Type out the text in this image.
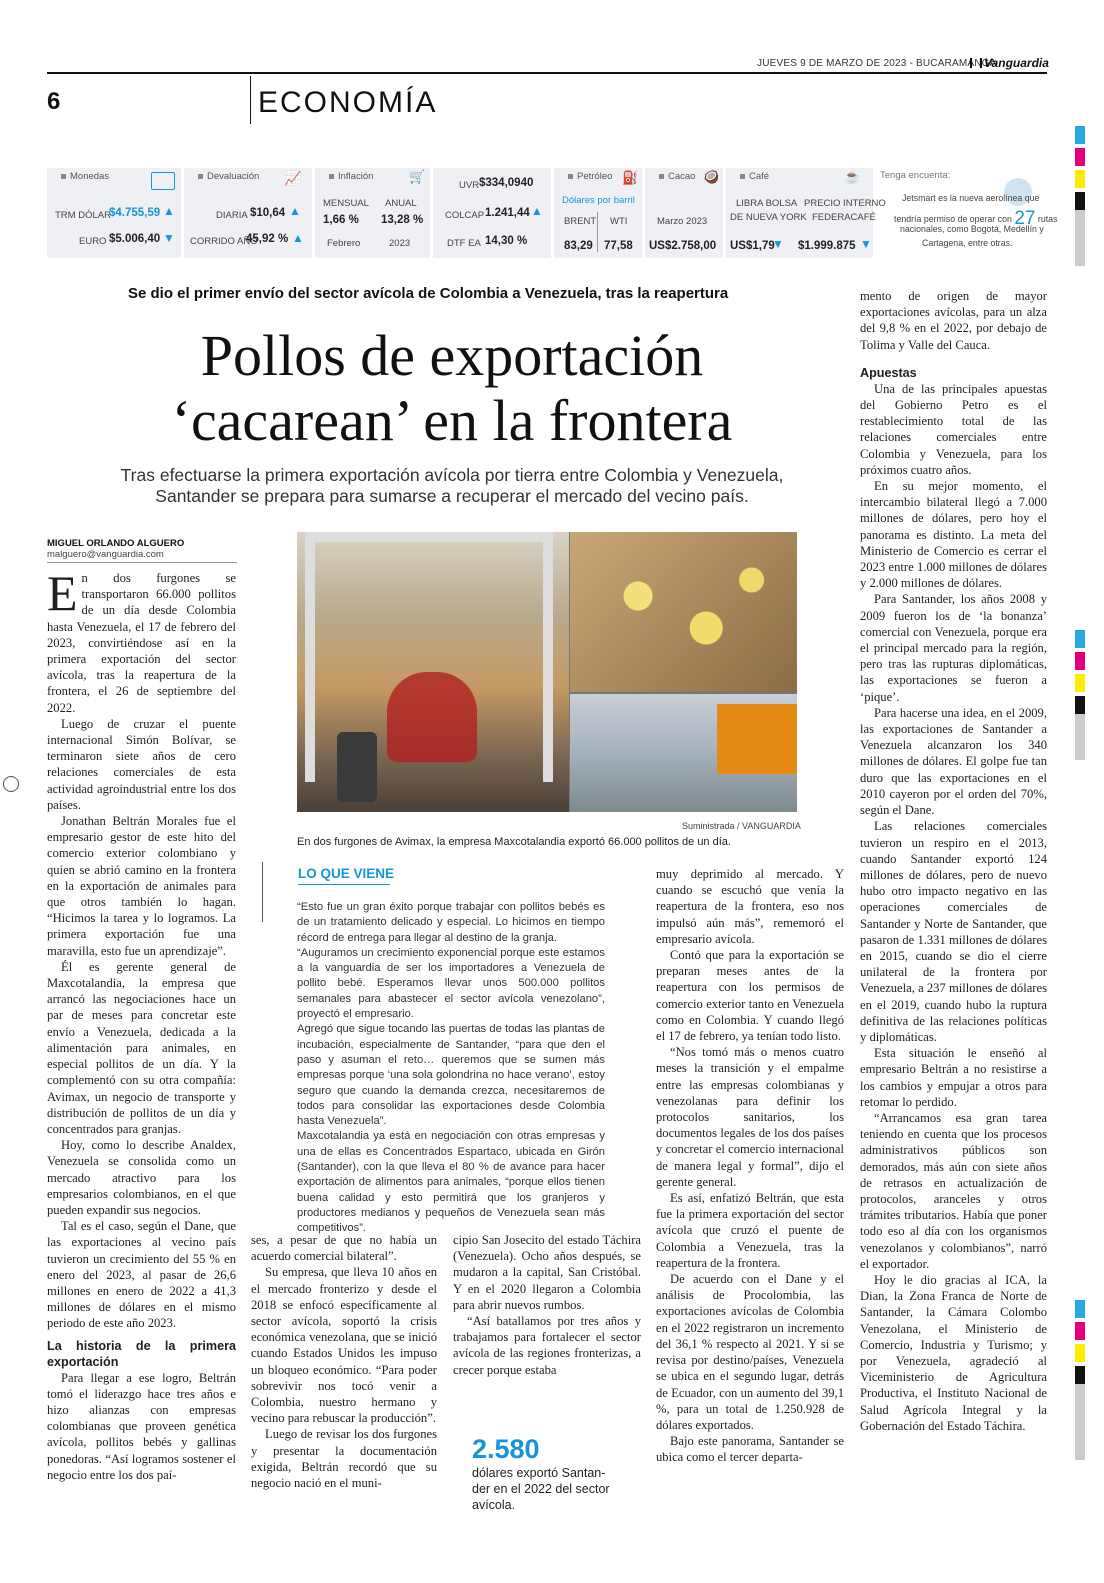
JUEVES 9 DE MARZO DE 2023 - BUCARAMANGA
Vanguardia
6	ECONOMÍA
Monedas
TRM DÓLAR
$4.755,59 ▲
EURO $5.006,40 ▼
Devaluación 📈
DIARIA $10,64 ▲
CORRIDO AÑO
45,92 % ▲
Inflación	🛒
MENSUAL ANUAL
1,66 % 13,28 %
Febrero	2023
UVR $334,0940
COLCAP 1.241,44 ▲
DTF EA 14,30 %
Petróleo ⛽
Dólares por barril
BRENT WTI
83,29 77,58
Cacao 🥥
Marzo 2023
US$2.758,00
Café	☕
LIBRA BOLSA
DE NUEVA YORK
PRECIO INTERNO
FEDERACAFÉ
US$1,79
▼ $1.999.875 ▼
Tenga encuenta:
Jetsmart es la nueva aerolínea que
tendría permiso de operar con 27 rutas
nacionales, como Bogotá, Medellín y
Cartagena, entre otras.
Se dio el primer envío del sector avícola de Colombia a Venezuela, tras la reapertura
Pollos de exportación
‘cacarean’ en la frontera
Tras efectuarse la primera exportación avícola por tierra entre Colombia y Venezuela,
Santander se prepara para sumarse a recuperar el mercado del vecino país.
MIGUEL ORLANDO ALGUERO
malguero@vanguardia.com
Suministrada / VANGUARDIA
En dos furgones de Avimax, la empresa Maxcotalandia exportó 66.000 pollitos de un día.

En dos furgones se transportaron 66.000 pollitos de un día desde Colombia hasta Venezuela, el 17 de febrero del 2023, convirtiéndose así en la primera exportación del sector avícola, tras la reapertura de la frontera, el 26 de septiembre del 2022.

Luego de cruzar el puente internacional Simón Bolívar, se terminaron siete años de cero relaciones comerciales de esta actividad agroindustrial entre los dos países.

Jonathan Beltrán Morales fue el empresario gestor de este hito del comercio exterior colombiano y quien se abrió camino en la frontera en la exportación de animales para que otros también lo hagan. “Hicimos la tarea y lo logramos. La primera exportación fue una maravilla, esto fue un aprendizaje”.

Él es gerente general de Maxcotalandia, la empresa que arrancó las negociaciones hace un par de meses para concretar este envío a Venezuela, dedicada a la alimentación para animales, en especial pollitos de un día. Y la complementó con su otra compañía: Avimax, un negocio de transporte y distribución de pollitos de un día y concentrados para granjas.

Hoy, como lo describe Analdex, Venezuela se consolida como un mercado atractivo para los empresarios colombianos, en el que pueden expandir sus negocios.

Tal es el caso, según el Dane, que las exportaciones al vecino país tuvieron un crecimiento del 55 % en enero del 2023, al pasar de 26,6 millones en enero de 2022 a 41,3 millones de dólares en el mismo periodo de este año 2023.

La historia de la primera exportación

Para llegar a ese logro, Beltrán tomó el liderazgo hace tres años e hizo alianzas con empresas colombianas que proveen genética avícola, pollitos bebés y gallinas ponedoras. “Así logramos sostener el negocio entre los dos paí-

LO QUE VIENE

“Esto fue un gran éxito porque trabajar con pollitos bebés es de un tratamiento delicado y especial. Lo hicimos en tiempo récord de entrega para llegar al destino de la granja.

“Auguramos un crecimiento exponencial porque este estamos a la vanguardia de ser los importadores a Venezuela de pollito bebé. Esperamos llevar unos 500.000 pollitos semanales para abastecer el sector avícola venezolano”, proyectó el empresario.

Agregó que sigue tocando las puertas de todas las plantas de incubación, especialmente de Santander, “para que den el paso y asuman el reto… queremos que se sumen más empresas porque ‘una sola golondrina no hace verano’, estoy seguro que cuando la demanda crezca, necesitaremos de todos para consolidar las exportaciones desde Colombia hasta Venezuela”.

Maxcotalandia ya está en negociación con otras empresas y una de ellas es Concentrados Espartaco, ubicada en Girón (Santander), con la que lleva el 80 % de avance para hacer exportación de alimentos para animales, “porque ellos tienen buena calidad y esto permitirá que los granjeros y productores medianos y pequeños de Venezuela sean más competitivos”.

ses, a pesar de que no había un acuerdo comercial bilateral”.

Su empresa, que lleva 10 años en el mercado fronterizo y desde el 2018 se enfocó específicamente al sector avícola, soportó la crisis económica venezolana, que se inició cuando Estados Unidos les impuso un bloqueo económico. “Para poder sobrevivir nos tocó venir a Colombia, nuestro hermano y vecino para rebuscar la producción”.

Luego de revisar los dos furgones y presentar la documentación exigida, Beltrán recordó que su negocio nació en el muni-

cipio San Josecito del estado Táchira (Venezuela). Ocho años después, se mudaron a la capital, San Cristóbal. Y en el 2020 llegaron a Colombia para abrir nuevos rumbos.

“Así batallamos por tres años y trabajamos para fortalecer el sector avícola de las regiones fronterizas, a crecer porque estaba

2.580
dólares exportó Santan-
der en el 2022 del sector
avícola.

muy deprimido al mercado. Y cuando se escuchó que venía la reapertura de la frontera, eso nos impulsó aún más”, rememoró el empresario avícola.

Contó que para la exportación se preparan meses antes de la reapertura con los permisos de comercio exterior tanto en Venezuela como en Colombia. Y cuando llegó el 17 de febrero, ya tenían todo listo.

“Nos tomó más o menos cuatro meses la transición y el empalme entre las empresas colombianas y venezolanas para definir los protocolos sanitarios, los documentos legales de los dos países y concretar el comercio internacional de manera legal y formal”, dijo el gerente general.

Es así, enfatizó Beltrán, que esta fue la primera exportación del sector avícola que cruzó el puente de Colombia a Venezuela, tras la reapertura de la frontera.

De acuerdo con el Dane y el análisis de Procolombia, las exportaciones avícolas de Colombia en el 2022 registraron un incremento del 36,1 % respecto al 2021. Y si se revisa por destino/países, Venezuela se ubica en el segundo lugar, detrás de Ecuador, con un aumento del 39,1 %, para un total de 1.250.928 de dólares exportados.

Bajo este panorama, Santander se ubica como el tercer departa-

mento de origen de mayor exportaciones avícolas, para un alza del 9,8 % en el 2022, por debajo de Tolima y Valle del Cauca.

Apuestas

Una de las principales apuestas del Gobierno Petro es el restablecimiento total de las relaciones comerciales entre Colombia y Venezuela, para los próximos cuatro años.

En su mejor momento, el intercambio bilateral llegó a 7.000 millones de dólares, pero hoy el panorama es distinto. La meta del Ministerio de Comercio es cerrar el 2023 entre 1.000 millones de dólares y 2.000 millones de dólares.

Para Santander, los años 2008 y 2009 fueron los de ‘la bonanza’ comercial con Venezuela, porque era el principal mercado para la región, pero tras las rupturas diplomáticas, las exportaciones se fueron a ‘pique’.

Para hacerse una idea, en el 2009, las exportaciones de Santander a Venezuela alcanzaron los 340 millones de dólares. El golpe fue tan duro que las exportaciones en el 2010 cayeron por el orden del 70%, según el Dane.

Las relaciones comerciales tuvieron un respiro en el 2013, cuando Santander exportó 124 millones de dólares, pero de nuevo hubo otro impacto negativo en las operaciones comerciales de Santander y Norte de Santander, que pasaron de 1.331 millones de dólares en 2015, cuando se dio el cierre unilateral de la frontera por Venezuela, a 237 millones de dólares en el 2019, cuando hubo la ruptura definitiva de las relaciones políticas y diplomáticas.

Esta situación le enseñó al empresario Beltrán a no resistirse a los cambios y empujar a otros para retomar lo perdido.

“Arrancamos esa gran tarea teniendo en cuenta que los procesos administrativos públicos son demorados, más aún con siete años de retrasos en actualización de protocolos, aranceles y otros trámites tributarios. Había que poner todo eso al día con los organismos venezolanos y colombianos”, narró el exportador.

Hoy le dio gracias al ICA, la Dian, la Zona Franca de Norte de Santander, la Cámara Colombo Venezolana, el Ministerio de Comercio, Industria y Turismo; y por Venezuela, agradeció al Viceministerio de Agricultura Productiva, el Instituto Nacional de Salud Agrícola Integral y la Gobernación del Estado Táchira.
